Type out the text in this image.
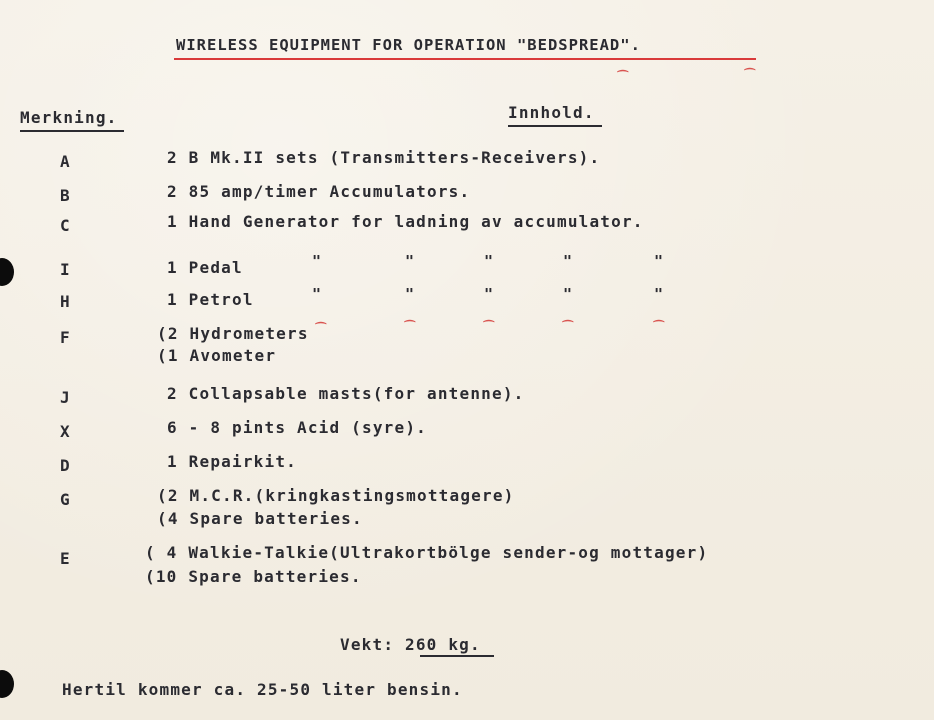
WIRELESS EQUIPMENT FOR OPERATION "BEDSPREAD".
Merkning.	Innhold.
A	2 B Mk.II sets (Transmitters-Receivers).
B	2 85 amp/timer Accumulators.
C	1 Hand Generator for ladning av accumulator.
I	1 Pedal	"	"	"	"	"
H	1 Petrol	"	"	"	"	"
⁀	⁀	⁀	⁀	⁀
⁀	⁀
F	(2 Hydrometers
(1 Avometer
J	2 Collapsable masts(for antenne).
X	6 - 8 pints Acid (syre).
D	1 Repairkit.
G	(2 M.C.R.(kringkastingsmottagere)
(4 Spare batteries.
E	( 4 Walkie-Talkie(Ultrakortbölge sender-og mottager)
(10 Spare batteries.
Vekt: 260 kg.
Hertil kommer ca. 25-50 liter bensin.
